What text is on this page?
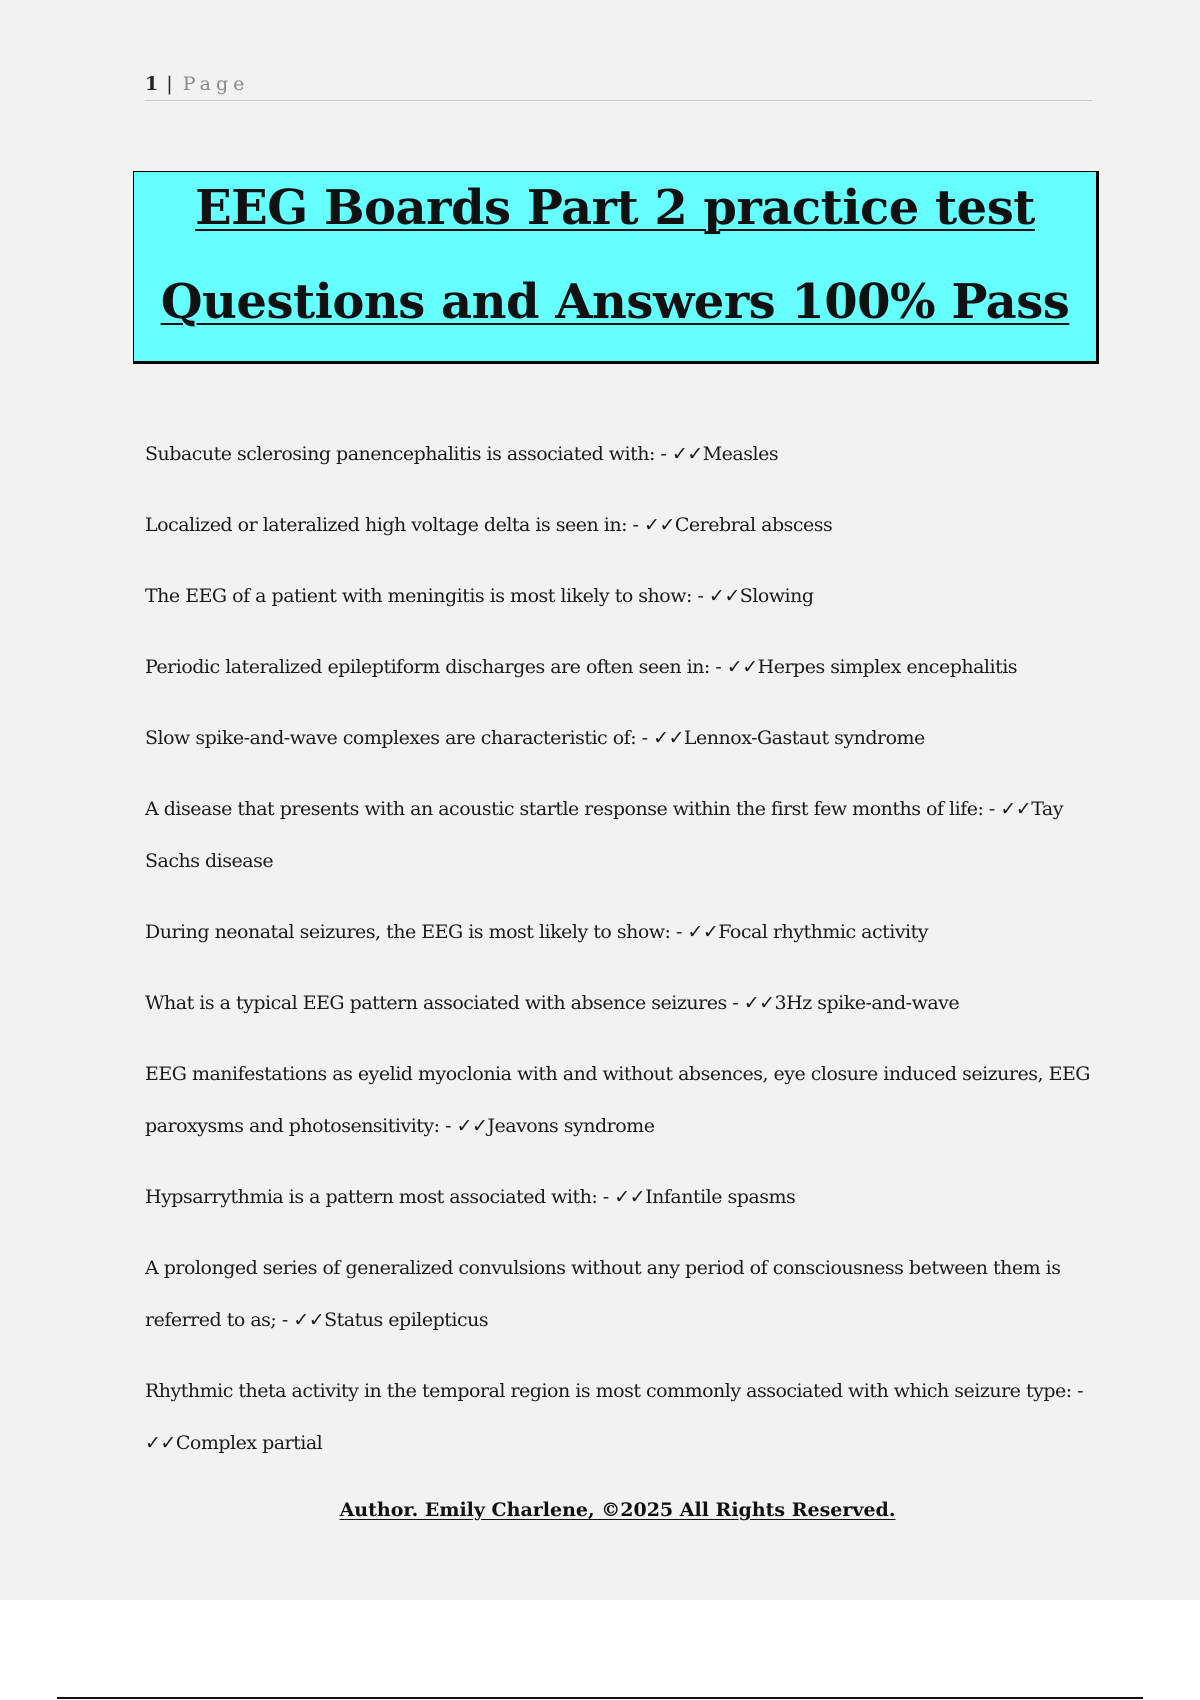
1 | Page
EEG Boards Part 2 practice test
Questions and Answers 100% Pass
Subacute sclerosing panencephalitis is associated with: - ✓✓Measles
Localized or lateralized high voltage delta is seen in: - ✓✓Cerebral abscess
The EEG of a patient with meningitis is most likely to show: - ✓✓Slowing
Periodic lateralized epileptiform discharges are often seen in: - ✓✓Herpes simplex encephalitis
Slow spike-and-wave complexes are characteristic of: - ✓✓Lennox-Gastaut syndrome
A disease that presents with an acoustic startle response within the first few months of life: - ✓✓Tay Sachs disease
During neonatal seizures, the EEG is most likely to show: - ✓✓Focal rhythmic activity
What is a typical EEG pattern associated with absence seizures - ✓✓3Hz spike-and-wave
EEG manifestations as eyelid myoclonia with and without absences, eye closure induced seizures, EEG paroxysms and photosensitivity: - ✓✓Jeavons syndrome
Hypsarrythmia is a pattern most associated with: - ✓✓Infantile spasms
A prolonged series of generalized convulsions without any period of consciousness between them is referred to as; - ✓✓Status epilepticus
Rhythmic theta activity in the temporal region is most commonly associated with which seizure type: - ✓✓Complex partial
Author. Emily Charlene, ©2025 All Rights Reserved.
